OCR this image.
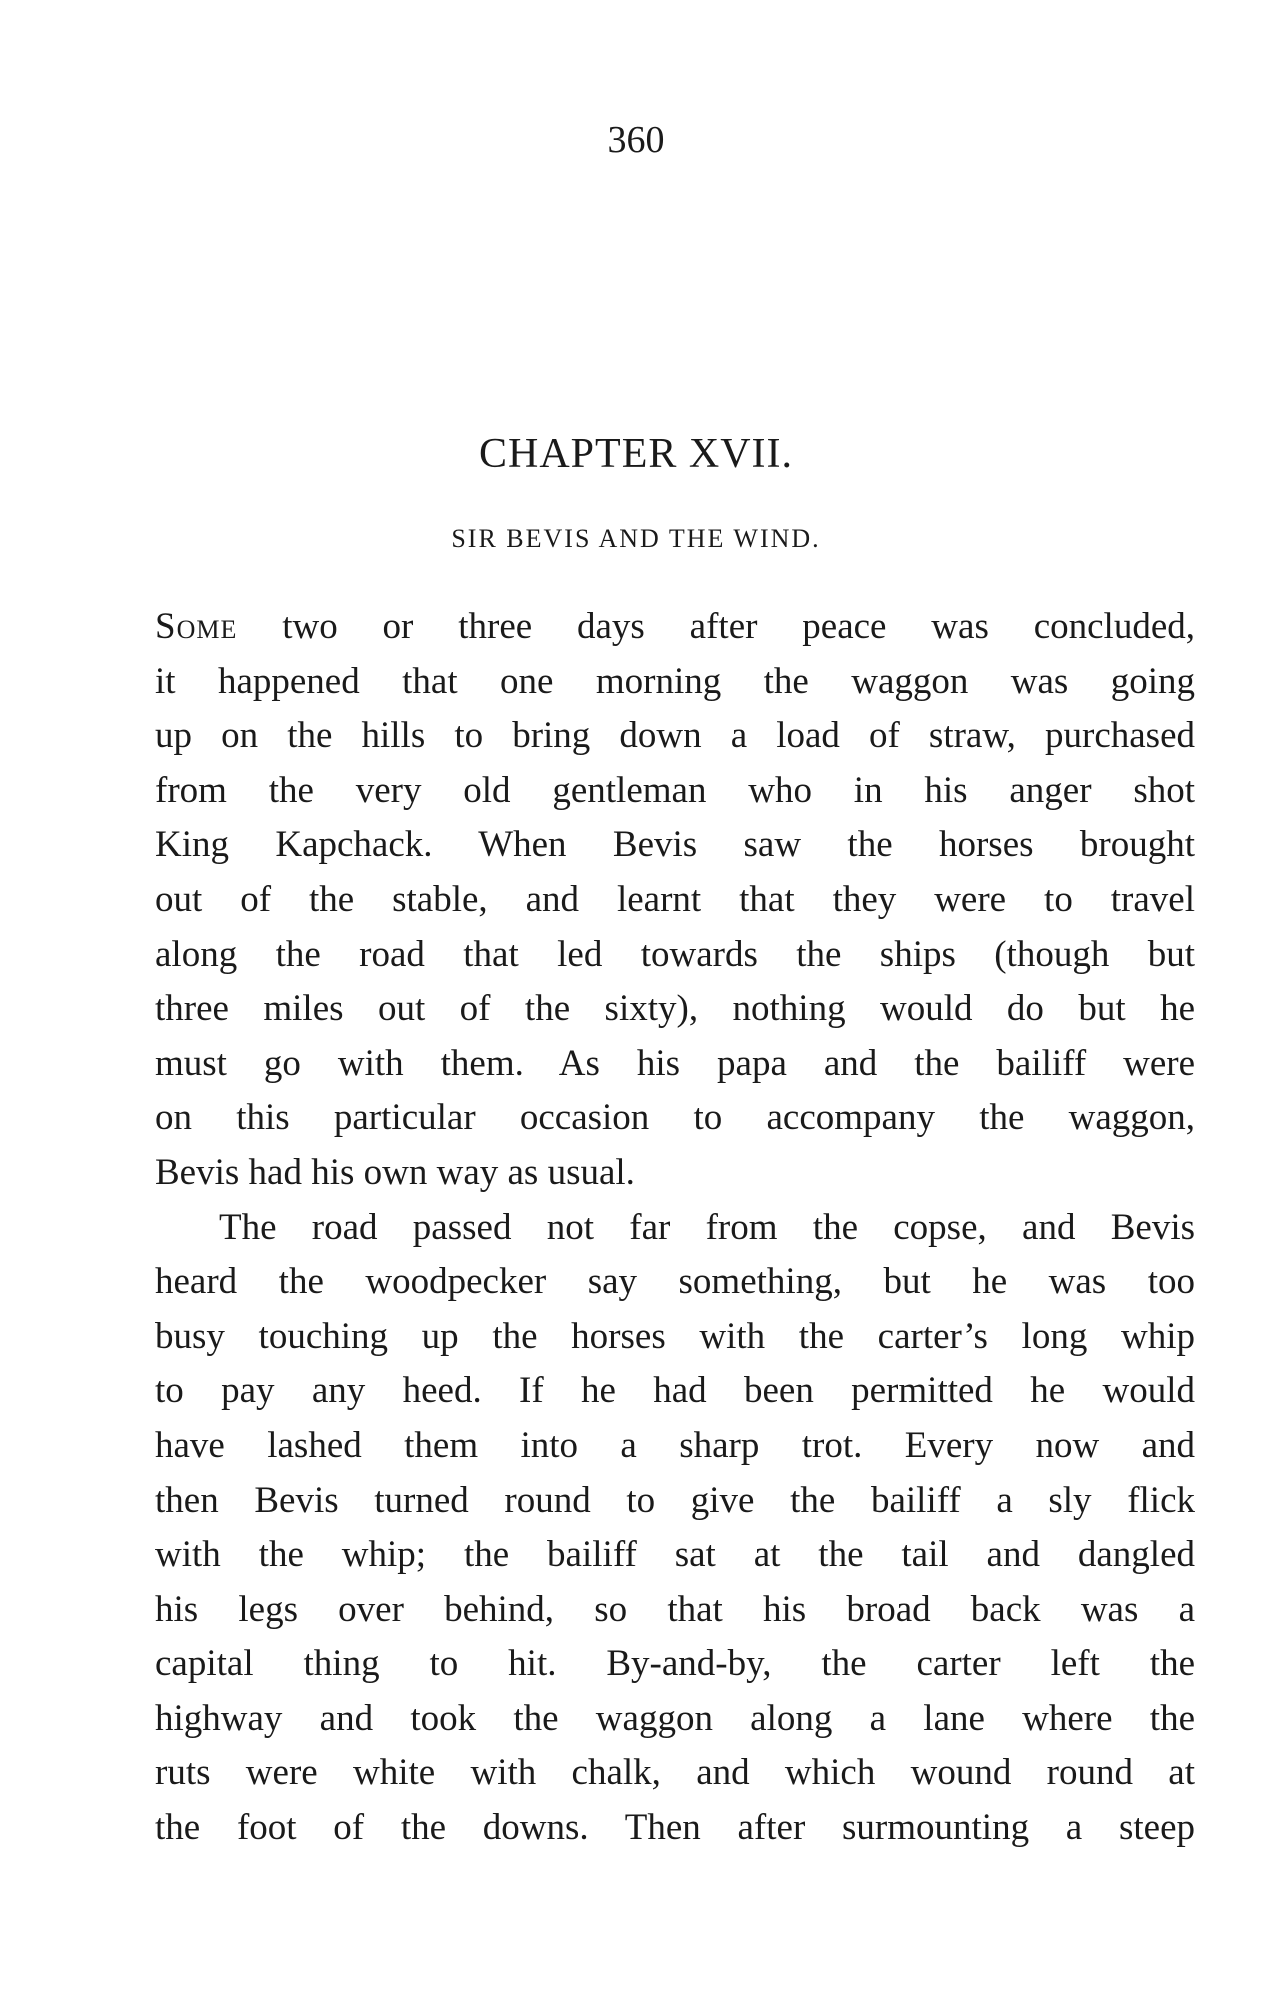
360
CHAPTER XVII.
SIR BEVIS AND THE WIND.
Some two or three days after peace was concluded,
it happened that one morning the waggon was going
up on the hills to bring down a load of straw, purchased
from the very old gentleman who in his anger shot
King Kapchack. When Bevis saw the horses brought
out of the stable, and learnt that they were to travel
along the road that led towards the ships (though but
three miles out of the sixty), nothing would do but he
must go with them. As his papa and the bailiff were
on this particular occasion to accompany the waggon,
Bevis had his own way as usual.
The road passed not far from the copse, and Bevis
heard the woodpecker say something, but he was too
busy touching up the horses with the carter’s long whip
to pay any heed. If he had been permitted he would
have lashed them into a sharp trot. Every now and
then Bevis turned round to give the bailiff a sly flick
with the whip; the bailiff sat at the tail and dangled
his legs over behind, so that his broad back was a
capital thing to hit. By-and-by, the carter left the
highway and took the waggon along a lane where the
ruts were white with chalk, and which wound round at
the foot of the downs. Then after surmounting a steep
